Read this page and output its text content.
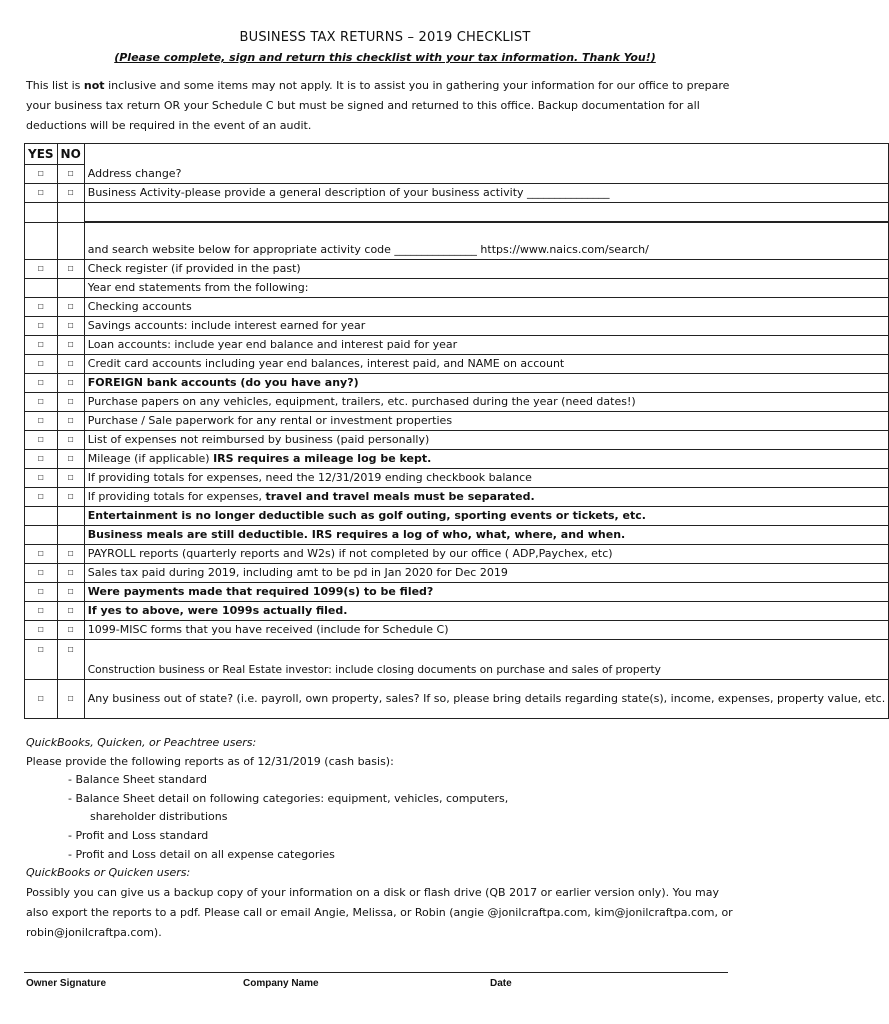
BUSINESS TAX RETURNS – 2019 CHECKLIST
(Please complete, sign and return this checklist with your tax information. Thank You!)
This list is not inclusive and some items may not apply. It is to assist you in gathering your information for our office to prepare your business tax return OR your Schedule C but must be signed and returned to this office. Backup documentation for all deductions will be required in the event of an audit.
YES	NO	
☐	☐	Address change?
☐	☐	Business Activity-please provide a general description of your business activity _______________

		and search website below for appropriate activity code _______________ https://www.naics.com/search/
☐	☐	Check register (if provided in the past)
		Year end statements from the following:
☐	☐	Checking accounts
☐	☐	Savings accounts: include interest earned for year
☐	☐	Loan accounts: include year end balance and interest paid for year
☐	☐	Credit card accounts including year end balances, interest paid, and NAME on account
☐	☐	FOREIGN bank accounts (do you have any?)
☐	☐	Purchase papers on any vehicles, equipment, trailers, etc. purchased during the year (need dates!)
☐	☐	Purchase / Sale paperwork for any rental or investment properties
☐	☐	List of expenses not reimbursed by business (paid personally)
☐	☐	Mileage (if applicable) IRS requires a mileage log be kept.
☐	☐	If providing totals for expenses, need the 12/31/2019 ending checkbook balance
☐	☐	If providing totals for expenses, travel and travel meals must be separated.
		Entertainment is no longer deductible such as golf outing, sporting events or tickets, etc.
		Business meals are still deductible. IRS requires a log of who, what, where, and when.
☐	☐	PAYROLL reports (quarterly reports and W2s) if not completed by our office ( ADP,Paychex, etc)
☐	☐	Sales tax paid during 2019, including amt to be pd in Jan 2020 for Dec 2019
☐	☐	Were payments made that required 1099(s) to be filed?
☐	☐	If yes to above, were 1099s actually filed.
☐	☐	1099-MISC forms that you have received (include for Schedule C)
☐	☐	Construction business or Real Estate investor: include closing documents on purchase and sales of property
☐	☐	Any business out of state? (i.e. payroll, own property, sales? If so, please bring details regarding state(s), income, expenses, property value, etc.
QuickBooks, Quicken, or Peachtree users:
Please provide the following reports as of 12/31/2019 (cash basis):
- Balance Sheet standard
- Balance Sheet detail on following categories: equipment, vehicles, computers,
shareholder distributions
- Profit and Loss standard
- Profit and Loss detail on all expense categories
QuickBooks or Quicken users:
Possibly you can give us a backup copy of your information on a disk or flash drive (QB 2017 or earlier version only). You may also export the reports to a pdf. Please call or email Angie, Melissa, or Robin (angie @jonilcraftpa.com, kim@jonilcraftpa.com, or robin@jonilcraftpa.com).
Owner Signature	Company Name	Date
